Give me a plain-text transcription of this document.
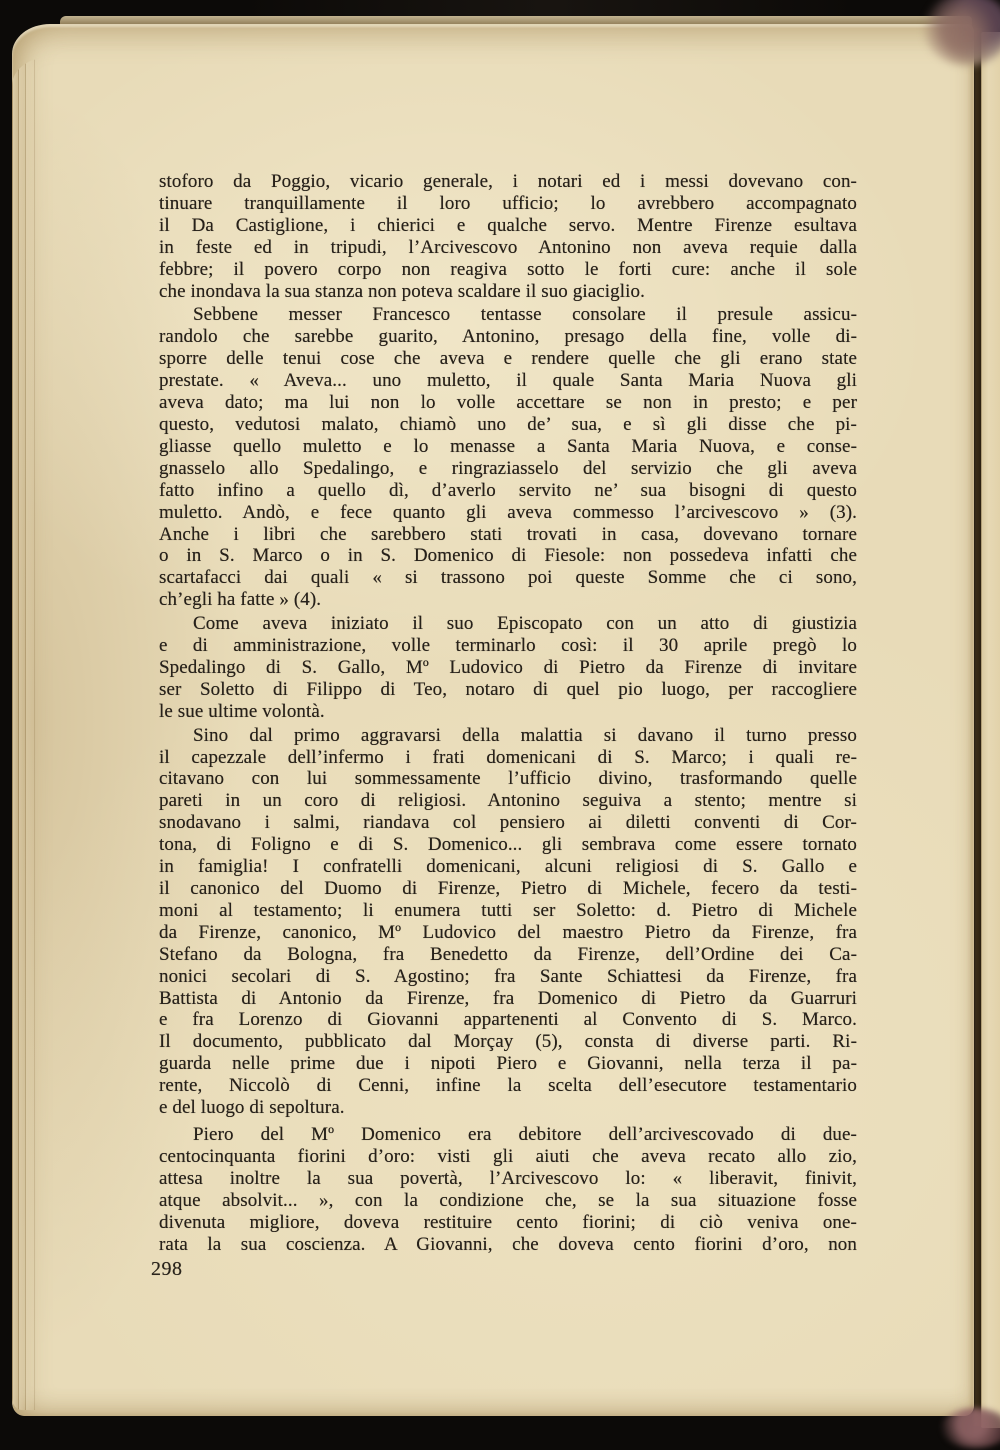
stoforo da Poggio, vicario generale, i notari ed i messi dovevano con-
tinuare tranquillamente il loro ufficio; lo avrebbero accompagnato
il Da Castiglione, i chierici e qualche servo. Mentre Firenze esultava
in feste ed in tripudi, l’Arcivescovo Antonino non aveva requie dalla
febbre; il povero corpo non reagiva sotto le forti cure: anche il sole
che inondava la sua stanza non poteva scaldare il suo giaciglio.
Sebbene messer Francesco tentasse consolare il presule assicu-
randolo che sarebbe guarito, Antonino, presago della fine, volle di-
sporre delle tenui cose che aveva e rendere quelle che gli erano state
prestate. « Aveva... uno muletto, il quale Santa Maria Nuova gli
aveva dato; ma lui non lo volle accettare se non in presto; e per
questo, vedutosi malato, chiamò uno de’ sua, e sì gli disse che pi-
gliasse quello muletto e lo menasse a Santa Maria Nuova, e conse-
gnasselo allo Spedalingo, e ringraziasselo del servizio che gli aveva
fatto infino a quello dì, d’averlo servito ne’ sua bisogni di questo
muletto. Andò, e fece quanto gli aveva commesso l’arcivescovo » (3).
Anche i libri che sarebbero stati trovati in casa, dovevano tornare
o in S. Marco o in S. Domenico di Fiesole: non possedeva infatti che
scartafacci dai quali « si trassono poi queste Somme che ci sono,
ch’egli ha fatte » (4).
Come aveva iniziato il suo Episcopato con un atto di giustizia
e di amministrazione, volle terminarlo così: il 30 aprile pregò lo
Spedalingo di S. Gallo, Mº Ludovico di Pietro da Firenze di invitare
ser Soletto di Filippo di Teo, notaro di quel pio luogo, per raccogliere
le sue ultime volontà.
Sino dal primo aggravarsi della malattia si davano il turno presso
il capezzale dell’infermo i frati domenicani di S. Marco; i quali re-
citavano con lui sommessamente l’ufficio divino, trasformando quelle
pareti in un coro di religiosi. Antonino seguiva a stento; mentre si
snodavano i salmi, riandava col pensiero ai diletti conventi di Cor-
tona, di Foligno e di S. Domenico... gli sembrava come essere tornato
in famiglia! I confratelli domenicani, alcuni religiosi di S. Gallo e
il canonico del Duomo di Firenze, Pietro di Michele, fecero da testi-
moni al testamento; li enumera tutti ser Soletto: d. Pietro di Michele
da Firenze, canonico, Mº Ludovico del maestro Pietro da Firenze, fra
Stefano da Bologna, fra Benedetto da Firenze, dell’Ordine dei Ca-
nonici secolari di S. Agostino; fra Sante Schiattesi da Firenze, fra
Battista di Antonio da Firenze, fra Domenico di Pietro da Guarruri
e fra Lorenzo di Giovanni appartenenti al Convento di S. Marco.
Il documento, pubblicato dal Morçay (5), consta di diverse parti. Ri-
guarda nelle prime due i nipoti Piero e Giovanni, nella terza il pa-
rente, Niccolò di Cenni, infine la scelta dell’esecutore testamentario
e del luogo di sepoltura.
Piero del Mº Domenico era debitore dell’arcivescovado di due-
centocinquanta fiorini d’oro: visti gli aiuti che aveva recato allo zio,
attesa inoltre la sua povertà, l’Arcivescovo lo: « liberavit, finivit,
atque absolvit... », con la condizione che, se la sua situazione fosse
divenuta migliore, doveva restituire cento fiorini; di ciò veniva one-
rata la sua coscienza. A Giovanni, che doveva cento fiorini d’oro, non
298
